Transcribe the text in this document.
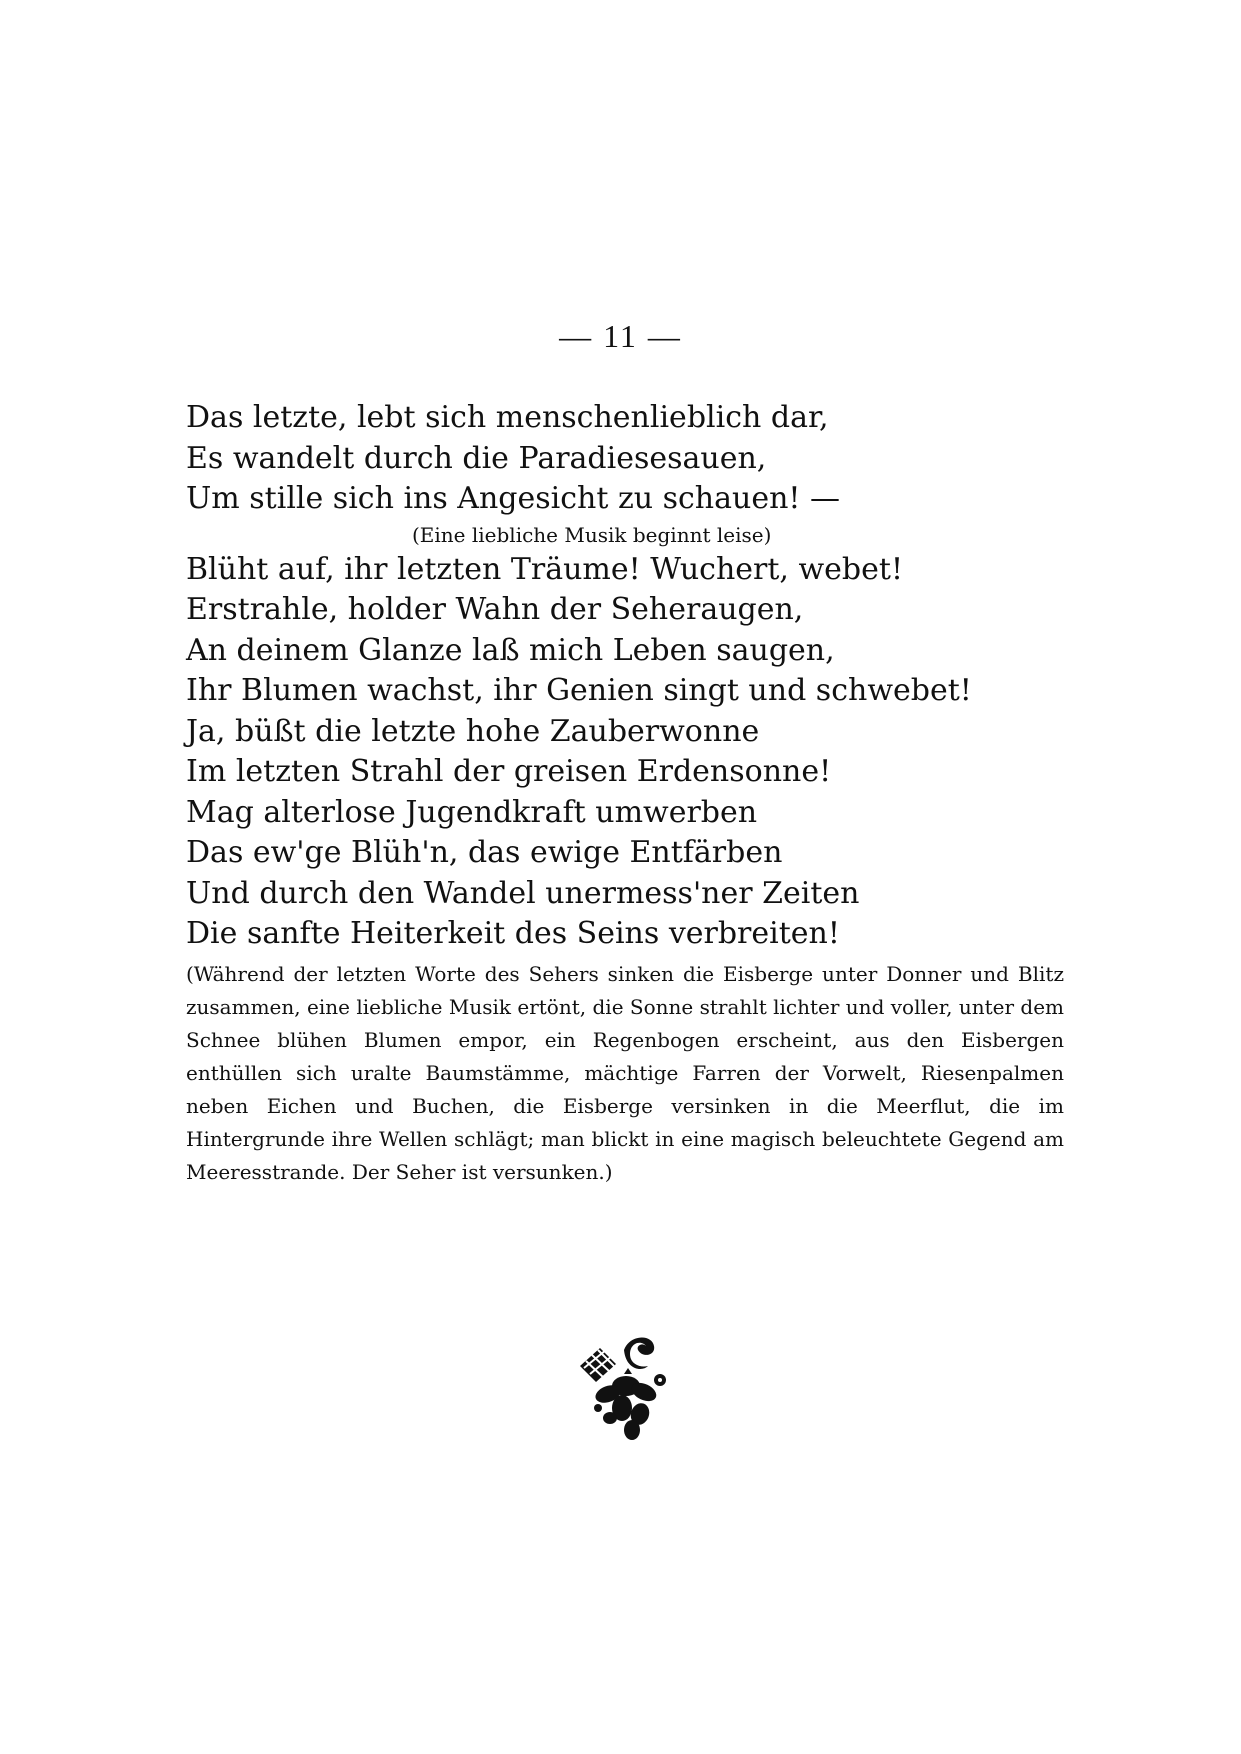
— 11 —
Das letzte, lebt sich menschenlieblich dar,
Es wandelt durch die Paradiesesauen,
Um stille sich ins Angesicht zu schauen! —
(Eine liebliche Musik beginnt leise)
Blüht auf, ihr letzten Träume! Wuchert, webet!
Erstrahle, holder Wahn der Seheraugen,
An deinem Glanze laß mich Leben saugen,
Ihr Blumen wachst, ihr Genien singt und schwebet!
Ja, büßt die letzte hohe Zauberwonne
Im letzten Strahl der greisen Erdensonne!
Mag alterlose Jugendkraft umwerben
Das ew'ge Blüh'n, das ewige Entfärben
Und durch den Wandel unermess'ner Zeiten
Die sanfte Heiterkeit des Seins verbreiten!
(Während der letzten Worte des Sehers sinken die Eisberge unter Donner und Blitz zusammen, eine liebliche Musik ertönt, die Sonne strahlt lichter und voller, unter dem Schnee blühen Blumen empor, ein Regenbogen erscheint, aus den Eisbergen enthüllen sich uralte Baumstämme, mächtige Farren der Vorwelt, Riesenpalmen neben Eichen und Buchen, die Eisberge versinken in die Meerflut, die im Hintergrunde ihre Wellen schlägt; man blickt in eine magisch beleuchtete Gegend am Meeresstrande. Der Seher ist versunken.)
